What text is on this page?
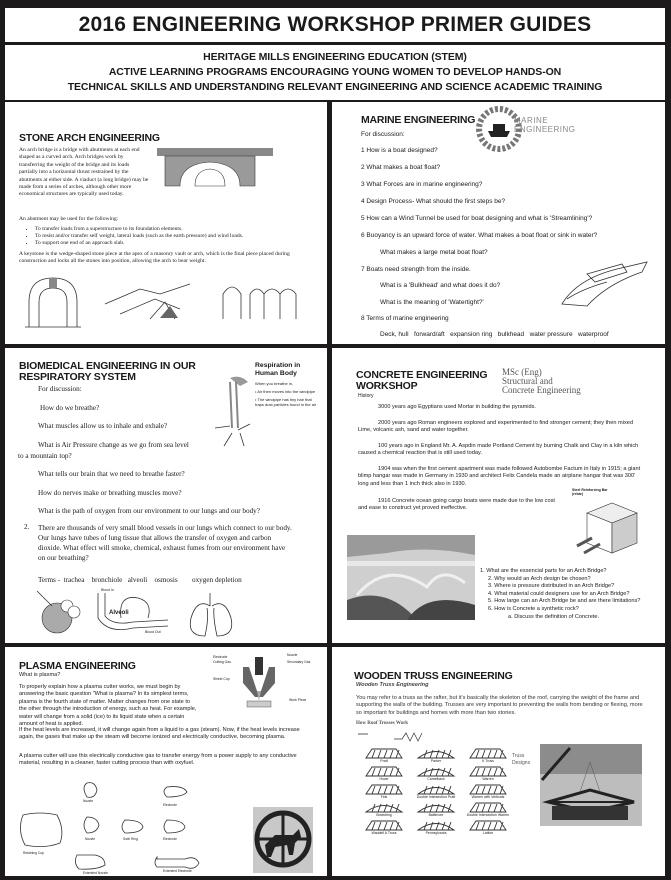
2016 ENGINEERING WORKSHOP PRIMER GUIDES
HERITAGE MILLS ENGINEERING EDUCATION (STEM)
ACTIVE LEARNING PROGRAMS ENCOURAGING YOUNG WOMEN TO DEVELOP HANDS-ON
TECHNICAL SKILLS AND UNDERSTANDING RELEVANT ENGINEERING AND SCIENCE ACADEMIC TRAINING
STONE ARCH ENGINEERING
An arch bridge is a bridge with abutments at each end shaped as a curved arch. Arch bridges work by transferring the weight of the bridge and its loads partially into a horizontal thrust restrained by the abutments at either side. A viaduct (a long bridge) may be made from a series of arches, although other more economical structures are typically used today.
An abutment may be used for the following:
• To transfer loads from a superstructure to its foundation elements.
• To resist and/or transfer self weight, lateral loads (such as the earth pressure) and wind loads.
• To support one end of an approach slab.
A keystone is the wedge-shaped stone piece at the apex of a masonry vault or arch, which is the final piece placed during construction and locks all the stones into position, allowing the arch to bear weight.
MARINE ENGINEERING	MARINE
ENGINEERING
For discussion:
1 How is a boat designed?
2 What makes a boat float?
3 What Forces are in marine engineering?
4 Design Process- What should the first steps be?
5 How can a Wind Tunnel be used for boat designing and what is 'Streamlining'?
6 Buoyancy is an upward force of water. What makes a boat float or sink in water?
What makes a large metal boat float?
7 Boats need strength from the inside.
What is a 'Bulkhead' and what does it do?
What is the meaning of 'Watertight?'
8 Terms of marine engineering
Deck, hull   forward/aft   expansion ring   bulkhead   water pressure   waterproof
BIOMEDICAL ENGINEERING IN OUR
RESPIRATORY SYSTEM
For discussion:
How do we breathe?
What muscles allow us to inhale and exhale?
What is Air Pressure change as we go from sea level
to a mountain top?
What tells our brain that we need to breathe faster?
How do nerves make or breathing muscles move?
What is the path of oxygen from our environment to our lungs and our body?
2. There are thousands of very small blood vessels in our lungs which connect to our body. Our lungs have tubes of lung tissue that allows the transfer of oxygen and carbon dioxide. What effect will smoke, chemical, exhaust fumes from our environment have on our breathing?
Terms -  trachea    bronchiole   alveoli    osmosis        oxygen depletion
Respiration in Human Body
When you breathe in,
• Air then moves into the windpipe
• The windpipe has tiny hair that traps dust particles found in the air
Alveoli
Blood In
Blood Out
CONCRETE ENGINEERING
WORKSHOP
MSc (Eng)
Structural and
Concrete Engineering
History
3000 years ago Egyptians used Mortar in building the pyramids.
2000 years ago Roman engineers explored and experimented to find stronger cement; they then mixed Lime, volcanic ash, sand and water together.
100 years ago in England Mr. A. Aspdin made Portland Cement by burning Chalk and Clay in a kiln which caused a chemical reaction that is still used today.
1904 was when the first cement apartment was made followed Autobombe Factum in Italy in 1915; a giant blimp hangar was made in Germany in 1930 and architect Felix Candela made an airplane hangar that was 300' long and less than 1 inch thick also in 1930.
1916 Concrete ocean going cargo boats were made due to the low cost and ease to construct yet proved ineffective.
Steel Reinforcing Bar (rebar)
1. What are the essencial parts for an Arch Bridge?
2. Why would an Arch design be chosen?
3. Where is pressure distributed in an Arch Bridge?
4. What material could designers use for an Arch Bridge?
5. How large can an Arch Bridge be and are there limitations?
6. How is Concrete a synthetic rock?
a. Discuss the definition of Concrete.
PLASMA ENGINEERING
What is plasma?
To properly explain how a plasma cutter works, we must begin by answering the basic question "What is plasma? In its simplest terms, plasma is the fourth state of matter. Matter changes from one state to the other through the introduction of energy, such as heat. For example, water will change from a solid (ice) to its liquid state when a certain amount of heat is applied.
If the heat levels are increased, it will change again from a liquid to a gas (steam). Now, if the heat levels increase again, the gases that make up the steam will become ionized and electrically conductive, becoming plasma.
A plasma cutter will use this electrically conductive gas to transfer energy from a power supply to any conductive material, resulting in a cleaner, faster cutting process than with oxyfuel.
Electrode
Cutting Gas
Nozzle
Secondary Gas
Shield Cup
Work Piece
Nozzle
Electrode
Retaining Cup
Nozzle	Swirl Ring	Electrode
Extended Nozzle	Extended Electrode
WOODEN TRUSS ENGINEERING
Wooden Truss Engineering
You may refer to a truss as the rafter, but it's basically the skeleton of the roof, carrying the weight of the frame and supporting the walls of the building. Trusses are very important to preventing the walls from bending or flexing, more so important for buildings and homes with more than two stories.
How Roof Trusses Work
Pratt	Parker	K Truss
Howe	Camelback	Warren
Fink	Double Intersection Pratt	Warren with Verticals
Bowstring	Baltimore	Double Intersection Warren
Waddell A Truss	Pennsylvania	Lattice
Truss Designs
